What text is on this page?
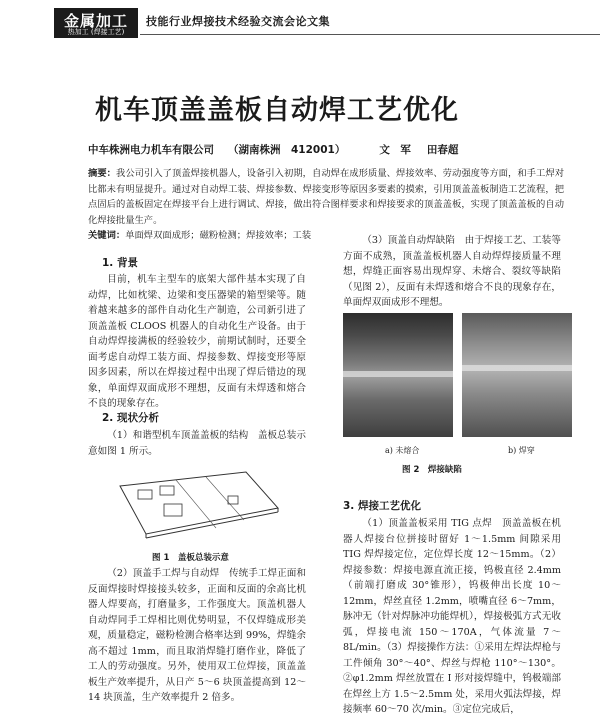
金属加工
热加工 (焊接工艺)
技能行业焊接技术经验交流会论文集
机车顶盖盖板自动焊工艺优化
中车株洲电力机车有限公司 （湖南株洲　412001）	文　军 田春超
摘要：我公司引入了顶盖焊接机器人，设备引入初期，自动焊在成形质量、焊接效率、劳动强度等方面，和手工焊对比都未有明显提升。通过对自动焊工装、焊接参数、焊接变形等原因多要素的摸索，引用顶盖盖板制造工艺流程，把点固后的盖板固定在焊接平台上进行调试、焊接，做出符合图样要求和焊接要求的顶盖盖板，实现了顶盖盖板的自动化焊接批量生产。
关键词：单面焊双面成形；磁粉检测；焊接效率；工装
1. 背景

目前，机车主型车的底架大部件基本实现了自动焊，比如枕梁、边梁和变压器梁的箱型梁等。随着越来越多的部件自动化生产制造，公司新引进了顶盖盖板 CLOOS 机器人的自动化生产设备。由于自动焊焊接满板的经验较少，前期试制时，还要全面考虑自动焊工装方面、焊接参数、焊接变形等原因多因素，所以在焊接过程中出现了焊后错边的现象，单面焊双面成形不理想，反面有未焊透和熔合不良的现象存在。

2. 现状分析

（1）和谐型机车顶盖盖板的结构　盖板总装示意如图 1 所示。

图 1　盖板总装示意

（2）顶盖手工焊与自动焊　传统手工焊正面和反面焊接时焊接接头较多，正面和反面的余高比机器人焊要高，打磨量多，工作强度大。顶盖机器人自动焊同手工焊相比则优势明显，不仅焊缝成形美观，质量稳定，磁粉检测合格率达到 99%，焊缝余高不超过 1mm，而且取消焊缝打磨作业，降低了工人的劳动强度。另外，使用双工位焊接，顶盖盖板生产效率提升，从日产 5～6 块顶盖提高到 12～14 块顶盖，生产效率提升 2 倍多。

（3）顶盖自动焊缺陷　由于焊接工艺、工装等方面不成熟，顶盖盖板机器人自动焊焊接质量不理想，焊缝正面容易出现焊穿、未熔合、裂纹等缺陷（见图 2），反面有未焊透和熔合不良的现象存在，单面焊双面成形不理想。

a) 未熔合	b) 焊穿
图 2　焊接缺陷
3. 焊接工艺优化

（1）顶盖盖板采用 TIG 点焊　顶盖盖板在机器人焊接台位拼接时留好 1～1.5mm 间隙采用 TIG 焊焊接定位，定位焊长度 12～15mm。（2）焊接参数：焊接电源直流正接，钨极直径 2.4mm（前端打磨成 30°锥形），钨极伸出长度 10～12mm，焊丝直径 1.2mm，喷嘴直径 6～7mm，脉冲无（针对焊脉冲功能焊机），焊接极弧方式无收弧，焊接电流 150～170A，气体流量 7～8L/min。（3）焊接操作方法：①采用左焊法焊枪与工件倾角 30°～40°、焊丝与焊枪 110°～130°。②φ1.2mm 焊丝放置在 I 形对接焊缝中，钨极端部在焊丝上方 1.5～2.5mm 处，采用火弧法焊接，焊接频率 60～70 次/min。③定位完成后，
